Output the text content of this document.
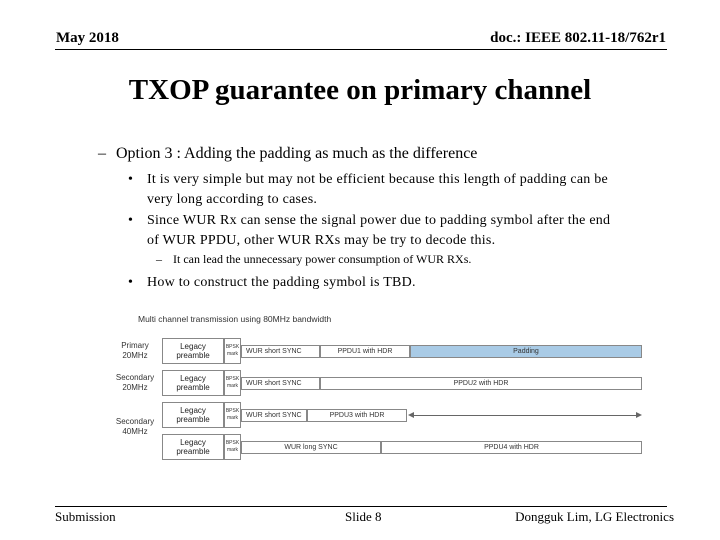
May 2018	doc.: IEEE 802.11-18/762r1
TXOP guarantee on primary channel
– Option 3 : Adding the padding as much as the difference
• It is very simple but may not be efficient because this length of padding can be
very long according to cases.
• Since WUR Rx can sense the signal power due to padding symbol after the end
of WUR PPDU, other WUR RXs may be try to decode this.
– It can lead the unnecessary power consumption of WUR RXs.
• How to construct the padding symbol is TBD.
Multi channel transmission using 80MHz bandwidth
Primary
20MHz
Secondary
20MHz
Secondary
40MHz
Legacy
preamble
BPSK
mark	WUR short SYNC	PPDU1 with HDR	Padding
Legacy
preamble
BPSK
mark	WUR short SYNC	PPDU2 with HDR
Legacy
preamble
BPSK
mark	WUR short SYNC	PPDU3 with HDR
Legacy
preamble
BPSK
mark	WUR long SYNC	PPDU4 with HDR
Submission	Slide 8	Dongguk Lim, LG Electronics
